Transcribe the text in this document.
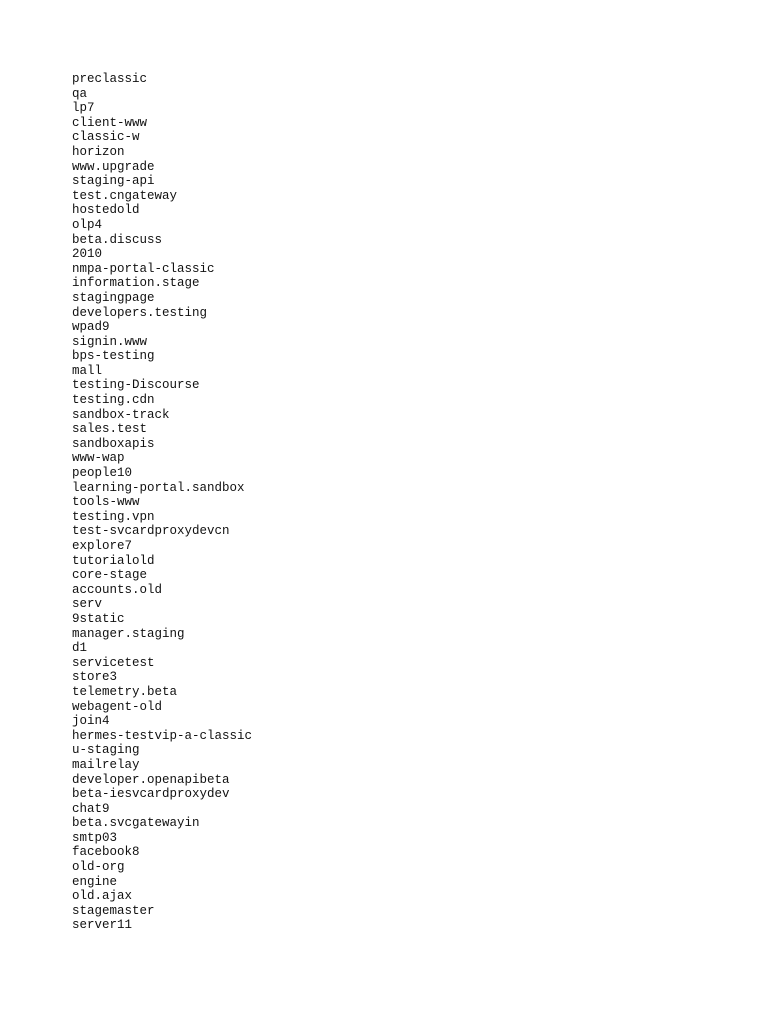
preclassic
qa
lp7
client-www
classic-w
horizon
www.upgrade
staging-api
test.cngateway
hostedold
olp4
beta.discuss
2010
nmpa-portal-classic
information.stage
stagingpage
developers.testing
wpad9
signin.www
bps-testing
mall
testing-Discourse
testing.cdn
sandbox-track
sales.test
sandboxapis
www-wap
people10
learning-portal.sandbox
tools-www
testing.vpn
test-svcardproxydevcn
explore7
tutorialold
core-stage
accounts.old
serv
9static
manager.staging
d1
servicetest
store3
telemetry.beta
webagent-old
join4
hermes-testvip-a-classic
u-staging
mailrelay
developer.openapibeta
beta-iesvcardproxydev
chat9
beta.svcgatewayin
smtp03
facebook8
old-org
engine
old.ajax
stagemaster
server11
